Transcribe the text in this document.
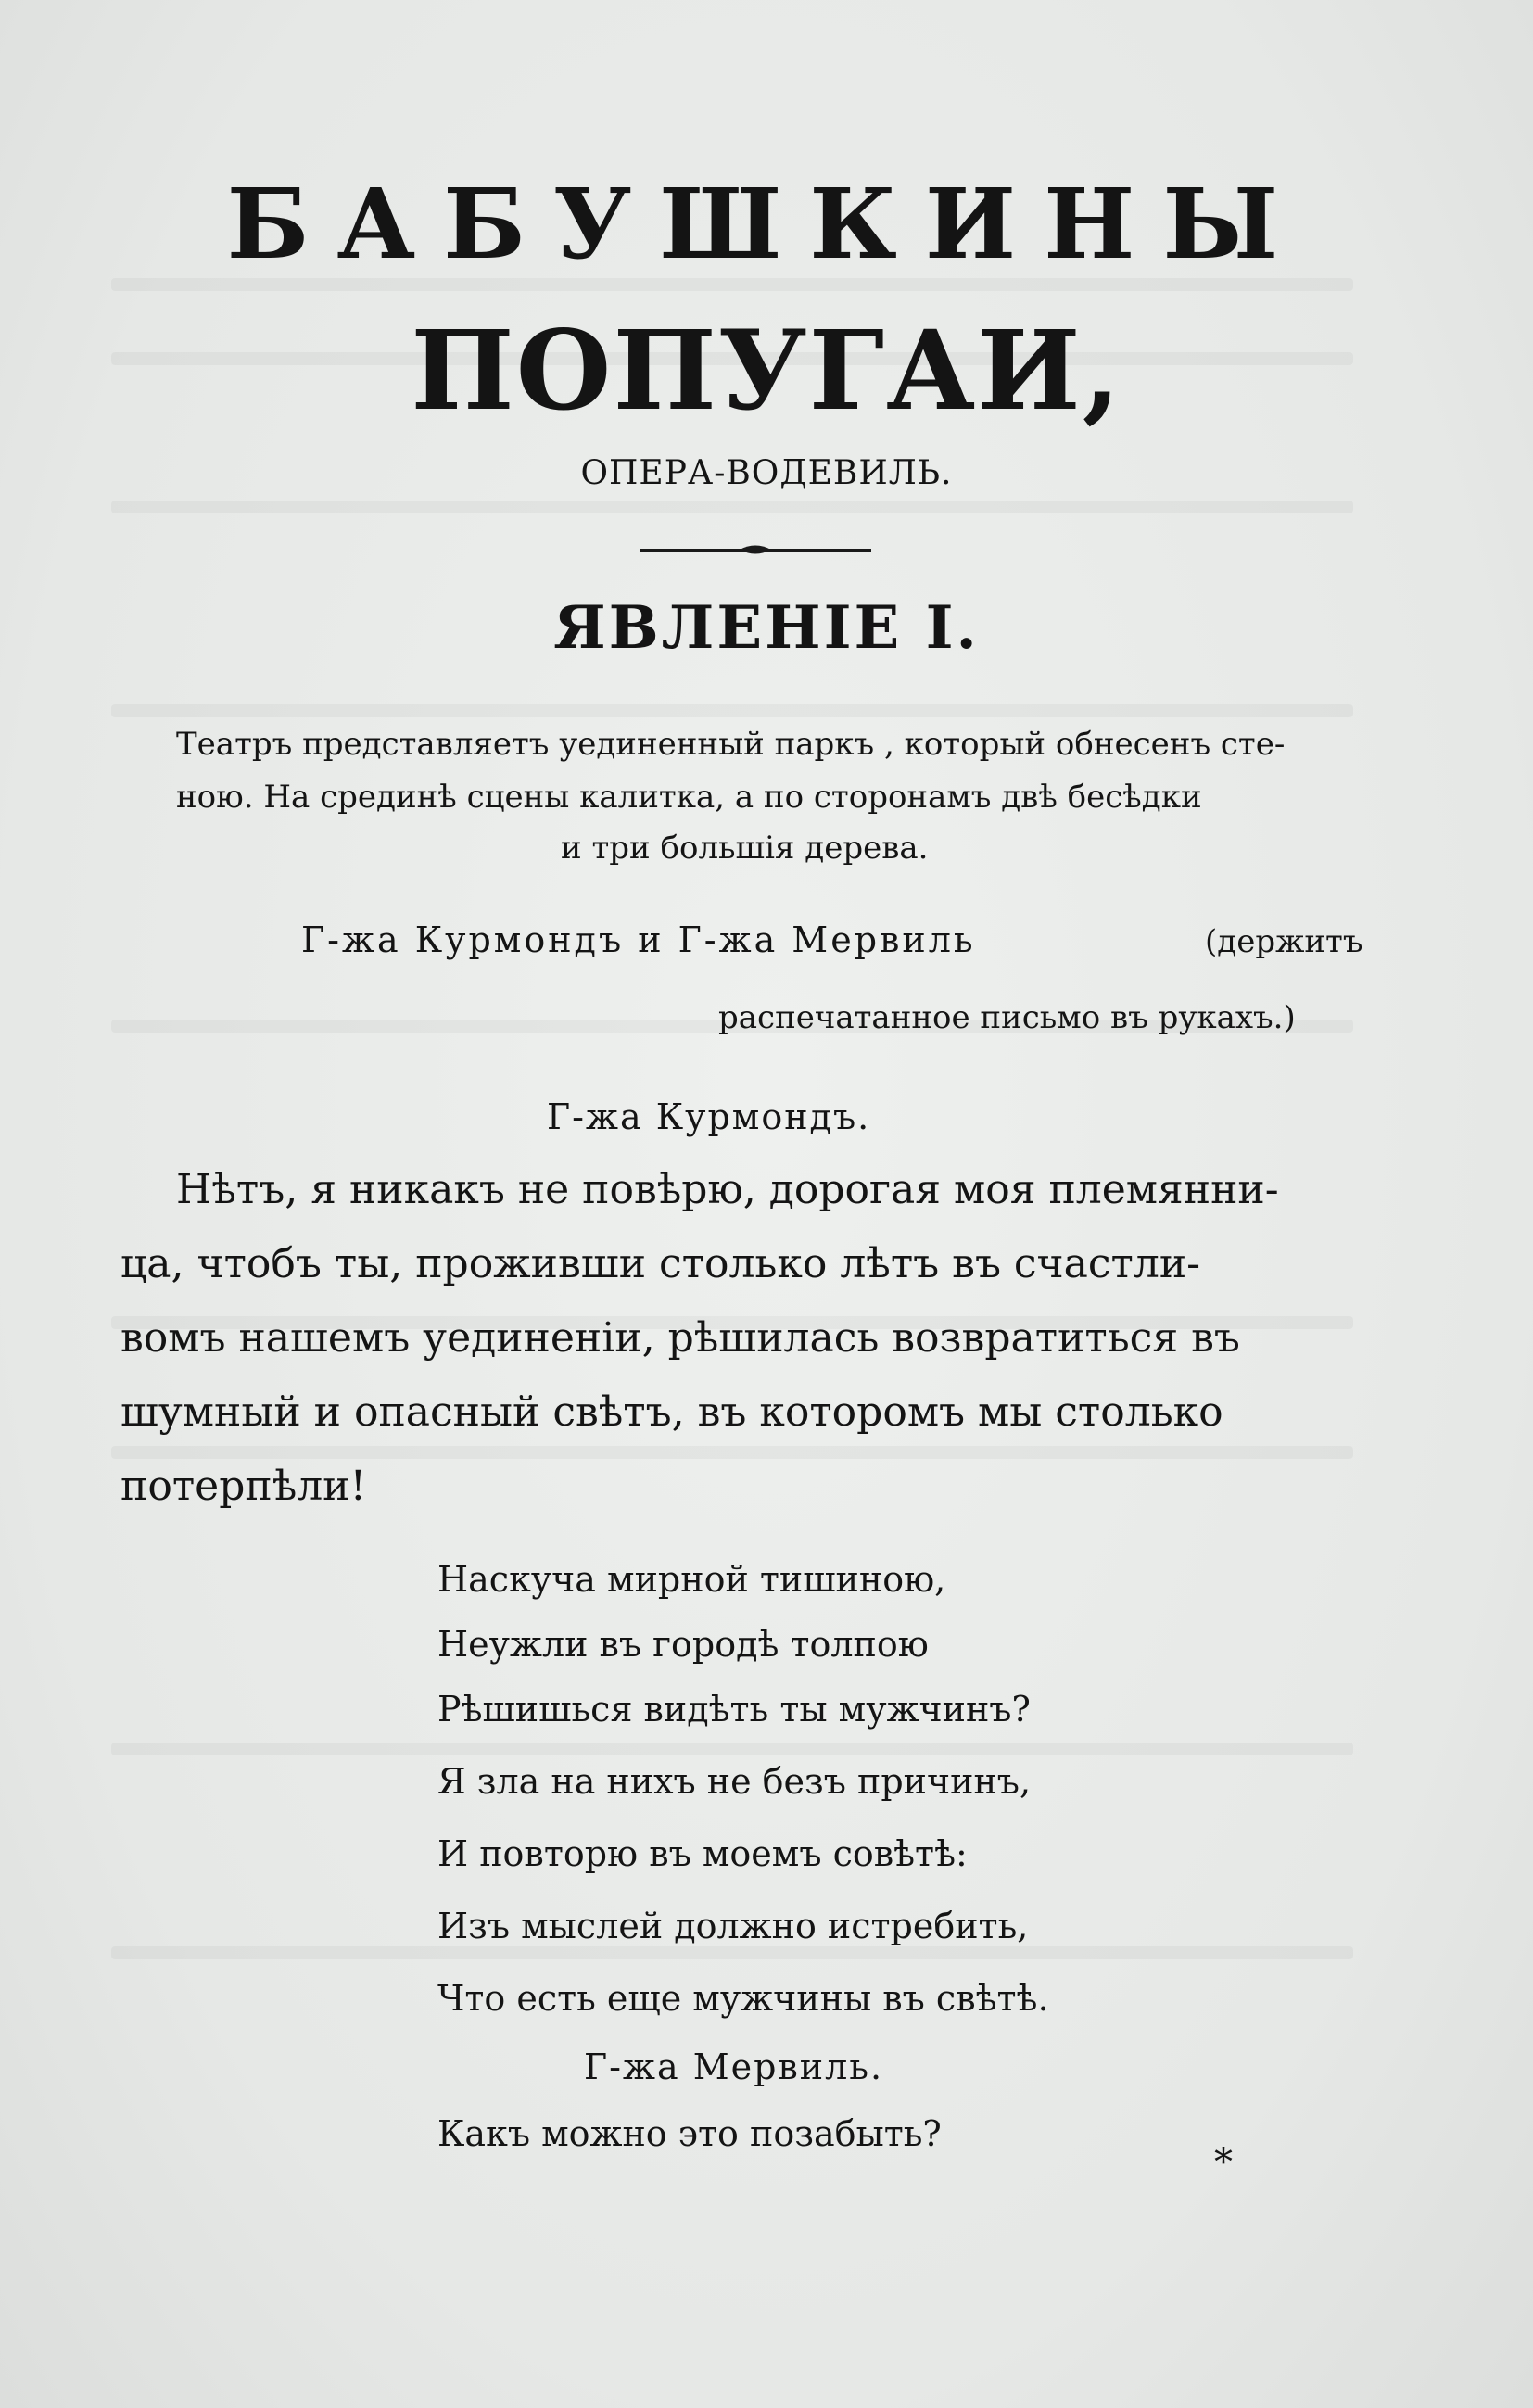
БАБУШКИНЫ
ПОПУГАИ,
ОПЕРА-ВОДЕВИЛЬ.
ЯВЛЕНІЕ I.
Театръ представляетъ уединенный паркъ , который обнесенъ сте-
ною. На срединѣ сцены калитка, а по сторонамъ двѣ бесѣдки
и три большія дерева.
Г-жа Курмондъ и Г-жа Мервиль	(держитъ
распечатанное письмо въ рукахъ.)
Г-жа Курмондъ.
Нѣтъ, я никакъ не повѣрю, дорогая моя племянни-
ца, чтобъ ты, проживши столько лѣтъ въ счастли-
вомъ нашемъ уединеніи, рѣшилась возвратиться въ
шумный и опасный свѣтъ, въ которомъ мы столько
потерпѣли!
Наскуча мирной тишиною,
Неужли въ городѣ толпою
Рѣшишься видѣть ты мужчинъ?
Я зла на нихъ не безъ причинъ,
И повторю въ моемъ совѣтѣ:
Изъ мыслей должно истребить,
Что есть еще мужчины въ свѣтѣ.
Г-жа Мервиль.
Какъ можно это позабыть?
*
